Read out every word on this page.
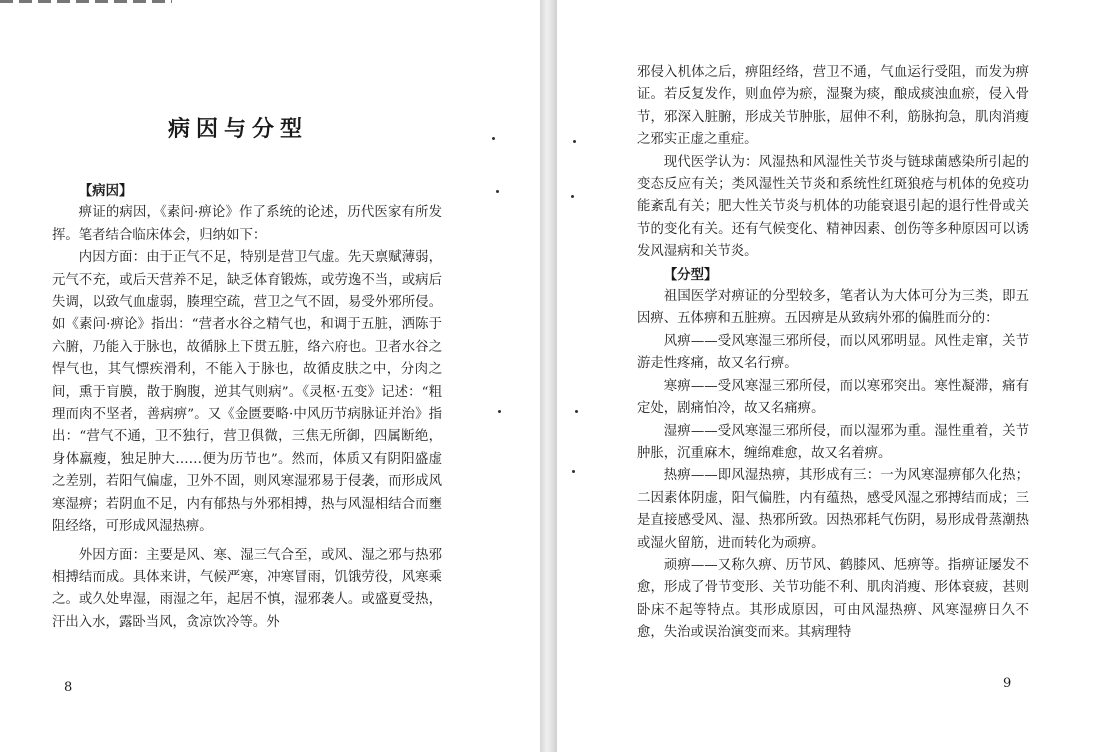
病因与分型
【病因】

痹证的病因，《素问·痹论》作了系统的论述，历代医家有所发挥。笔者结合临床体会，归纳如下：

内因方面：由于正气不足，特别是营卫气虚。先天禀赋薄弱，元气不充，或后天营养不足，缺乏体育锻炼，或劳逸不当，或病后失调，以致气血虚弱，腠理空疏，营卫之气不固，易受外邪所侵。如《素问·痹论》指出：“营者水谷之精气也，和调于五脏，洒陈于六腑，乃能入于脉也，故循脉上下贯五脏，络六府也。卫者水谷之悍气也，其气慓疾滑利，不能入于脉也，故循皮肤之中，分肉之间，熏于肓膜，散于胸腹，逆其气则病”。《灵枢·五变》记述：“粗理而肉不坚者，善病痹”。又《金匮要略·中风历节病脉证并治》指出：“营气不通，卫不独行，营卫俱微，三焦无所御，四属断绝，身体羸瘦，独足肿大……便为历节也”。然而，体质又有阴阳盛虚之差别，若阳气偏虚，卫外不固，则风寒湿邪易于侵袭，而形成风寒湿痹；若阴血不足，内有郁热与外邪相搏，热与风湿相结合而壅阻经络，可形成风湿热痹。

外因方面：主要是风、寒、湿三气合至，或风、湿之邪与热邪相搏结而成。具体来讲，气候严寒，冲寒冒雨，饥饿劳役，风寒乘之。或久处卑湿，雨湿之年，起居不慎，湿邪袭人。或盛夏受热，汗出入水，露卧当风，贪凉饮冷等。外

8

邪侵入机体之后，痹阻经络，营卫不通，气血运行受阻，而发为痹证。若反复发作，则血停为瘀，湿聚为痰，酿成痰浊血瘀，侵入骨节，邪深入脏腑，形成关节肿胀，屈伸不利，筋脉拘急，肌肉消瘦之邪实正虚之重症。

现代医学认为：风湿热和风湿性关节炎与链球菌感染所引起的变态反应有关；类风湿性关节炎和系统性红斑狼疮与机体的免疫功能紊乱有关；肥大性关节炎与机体的功能衰退引起的退行性骨或关节的变化有关。还有气候变化、精神因素、创伤等多种原因可以诱发风湿病和关节炎。

【分型】

祖国医学对痹证的分型较多，笔者认为大体可分为三类，即五因痹、五体痹和五脏痹。五因痹是从致病外邪的偏胜而分的：

风痹——受风寒湿三邪所侵，而以风邪明显。风性走窜，关节游走性疼痛，故又名行痹。

寒痹——受风寒湿三邪所侵，而以寒邪突出。寒性凝滞，痛有定处，剧痛怕冷，故又名痛痹。

湿痹——受风寒湿三邪所侵，而以湿邪为重。湿性重着，关节肿胀，沉重麻木，缠绵难愈，故又名着痹。

热痹——即风湿热痹，其形成有三：一为风寒湿痹郁久化热；二因素体阴虚，阳气偏胜，内有蕴热，感受风湿之邪搏结而成；三是直接感受风、湿、热邪所致。因热邪耗气伤阴，易形成骨蒸潮热或湿火留筋，进而转化为顽痹。

顽痹——又称久痹、历节风、鹤膝风、尪痹等。指痹证屡发不愈，形成了骨节变形、关节功能不利、肌肉消瘦、形体衰疲，甚则卧床不起等特点。其形成原因，可由风湿热痹、风寒湿痹日久不愈，失治或误治演变而来。其病理特

9
